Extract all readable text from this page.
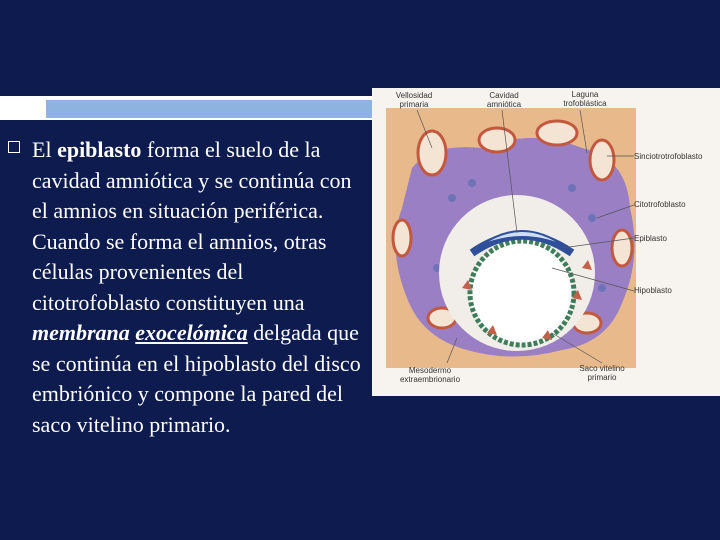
El epiblasto forma el suelo de la cavidad amniótica y se continúa con el amnios en situación periférica. Cuando se forma el amnios, otras células provenientes del citotrofoblasto constituyen una membrana exocelómica delgada que se continúa en el hipoblasto del disco embriónico y compone la pared del saco vitelino primario.
Vellosidad primaria
Cavidad amniótica
Laguna trofoblástica
Sinciotrotrofoblasto
Citotrofoblasto
Epiblasto
Hipoblasto
Mesodermo extraembrionario
Saco vitelino primario
